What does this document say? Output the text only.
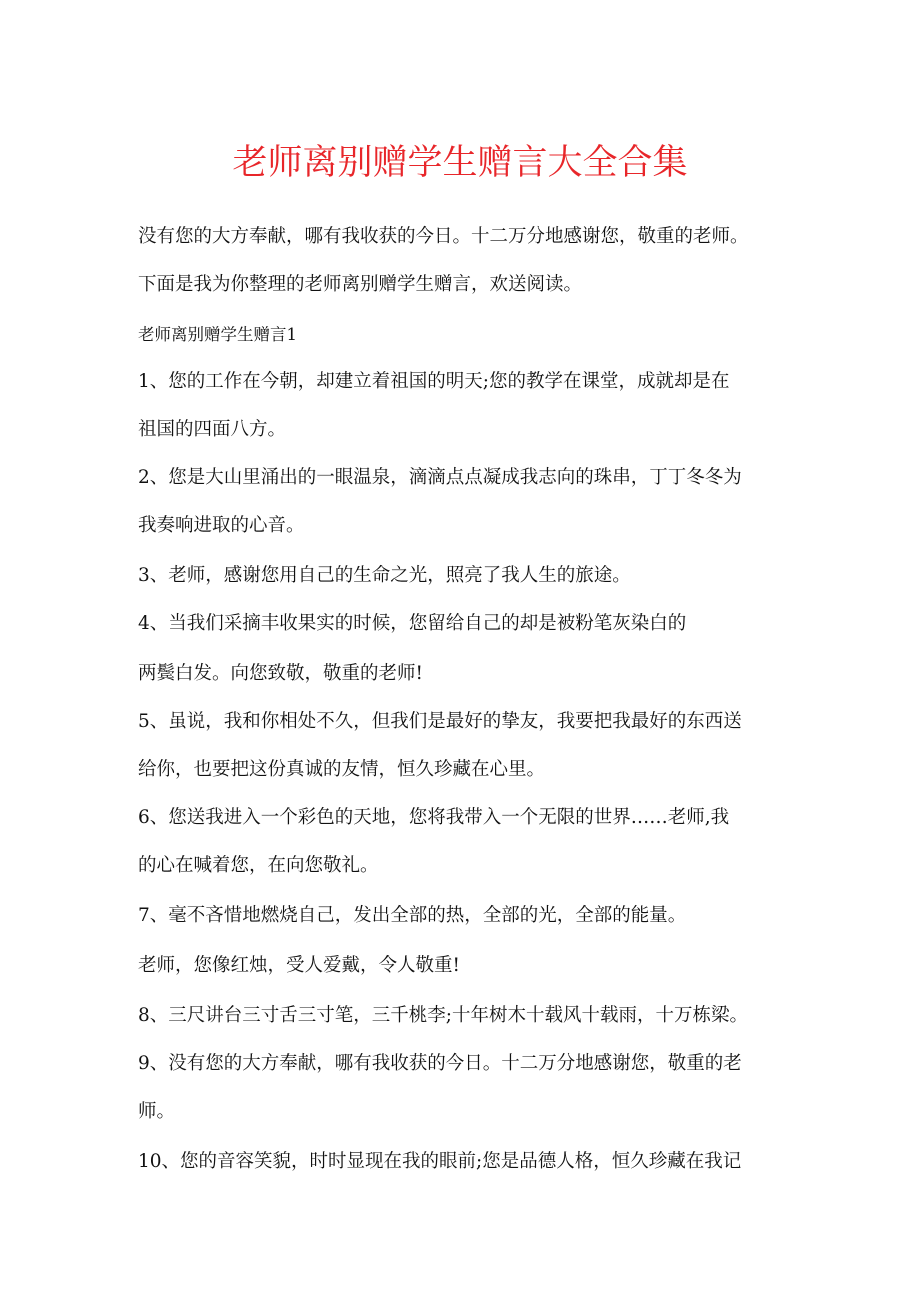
老师离别赠学生赠言大全合集
没有您的大方奉献，哪有我收获的今日。十二万分地感谢您，敬重的老师。
下面是我为你整理的老师离别赠学生赠言，欢送阅读。
老师离别赠学生赠言1
1、您的工作在今朝，却建立着祖国的明天;您的教学在课堂，成就却是在
祖国的四面八方。
2、您是大山里涌出的一眼温泉，滴滴点点凝成我志向的珠串，丁丁冬冬为
我奏响进取的心音。
3、老师，感谢您用自己的生命之光，照亮了我人生的旅途。
4、当我们采摘丰收果实的时候，您留给自己的却是被粉笔灰染白的
两鬓白发。向您致敬，敬重的老师!
5、虽说，我和你相处不久，但我们是最好的挚友，我要把我最好的东西送
给你，也要把这份真诚的友情，恒久珍藏在心里。
6、您送我进入一个彩色的天地，您将我带入一个无限的世界……老师,我
的心在喊着您，在向您敬礼。
7、毫不吝惜地燃烧自己，发出全部的热，全部的光，全部的能量。
老师，您像红烛，受人爱戴，令人敬重!
8、三尺讲台三寸舌三寸笔，三千桃李;十年树木十载风十载雨，十万栋梁。
9、没有您的大方奉献，哪有我收获的今日。十二万分地感谢您，敬重的老
师。
10、您的音容笑貌，时时显现在我的眼前;您是品德人格，恒久珍藏在我记
